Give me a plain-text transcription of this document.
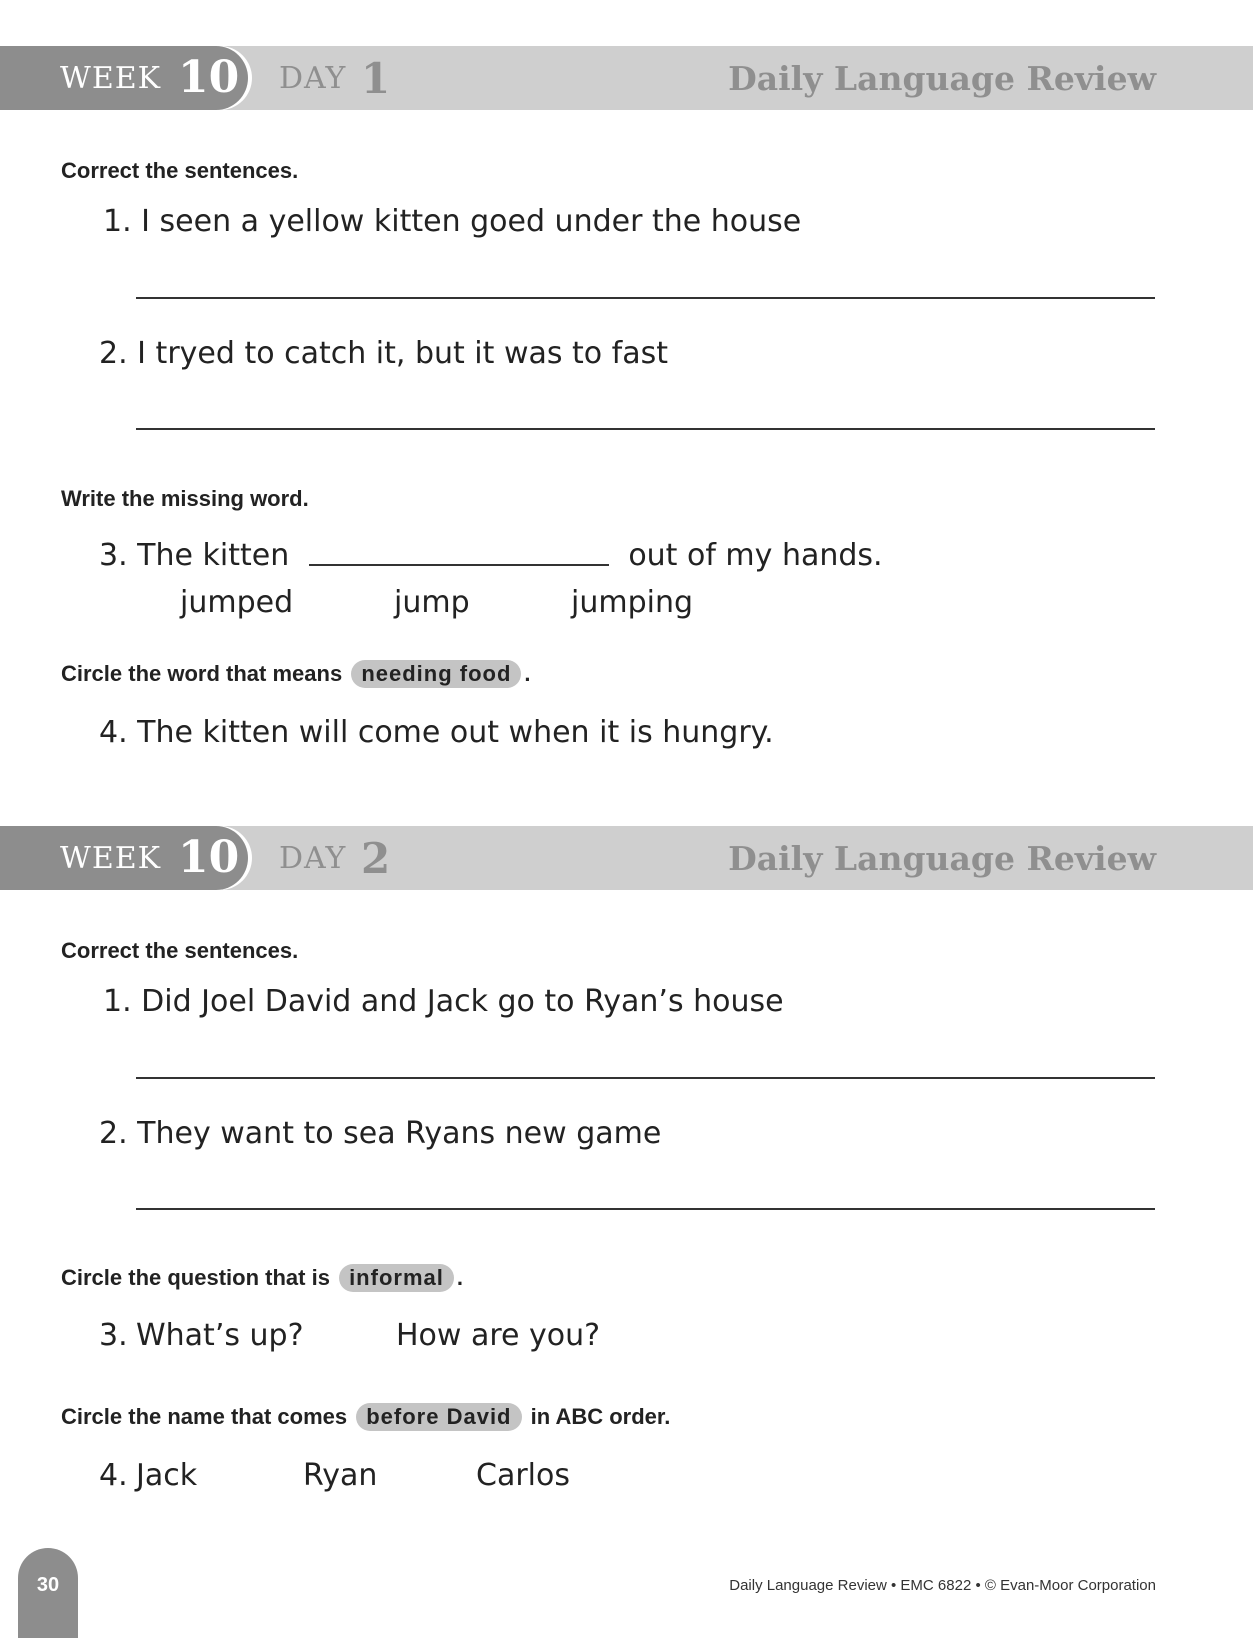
WEEK 10 DAY 1	Daily Language Review
Correct the sentences.
1. I seen a yellow kitten goed under the house
2. I tryed to catch it, but it was to fast
Write the missing word.
3. The kitten	out of my hands.
jumped	jump	jumping
Circle the word that means needing food .
4. The kitten will come out when it is hungry.
WEEK 10 DAY 2	Daily Language Review
Correct the sentences.
1. Did Joel David and Jack go to Ryan’s house
2. They want to sea Ryans new game
Circle the question that is informal .
3. What’s up?	How are you?
Circle the name that comes before David in ABC order.
4. Jack	Ryan	Carlos
30	Daily Language Review • EMC 6822 • © Evan-Moor Corporation
